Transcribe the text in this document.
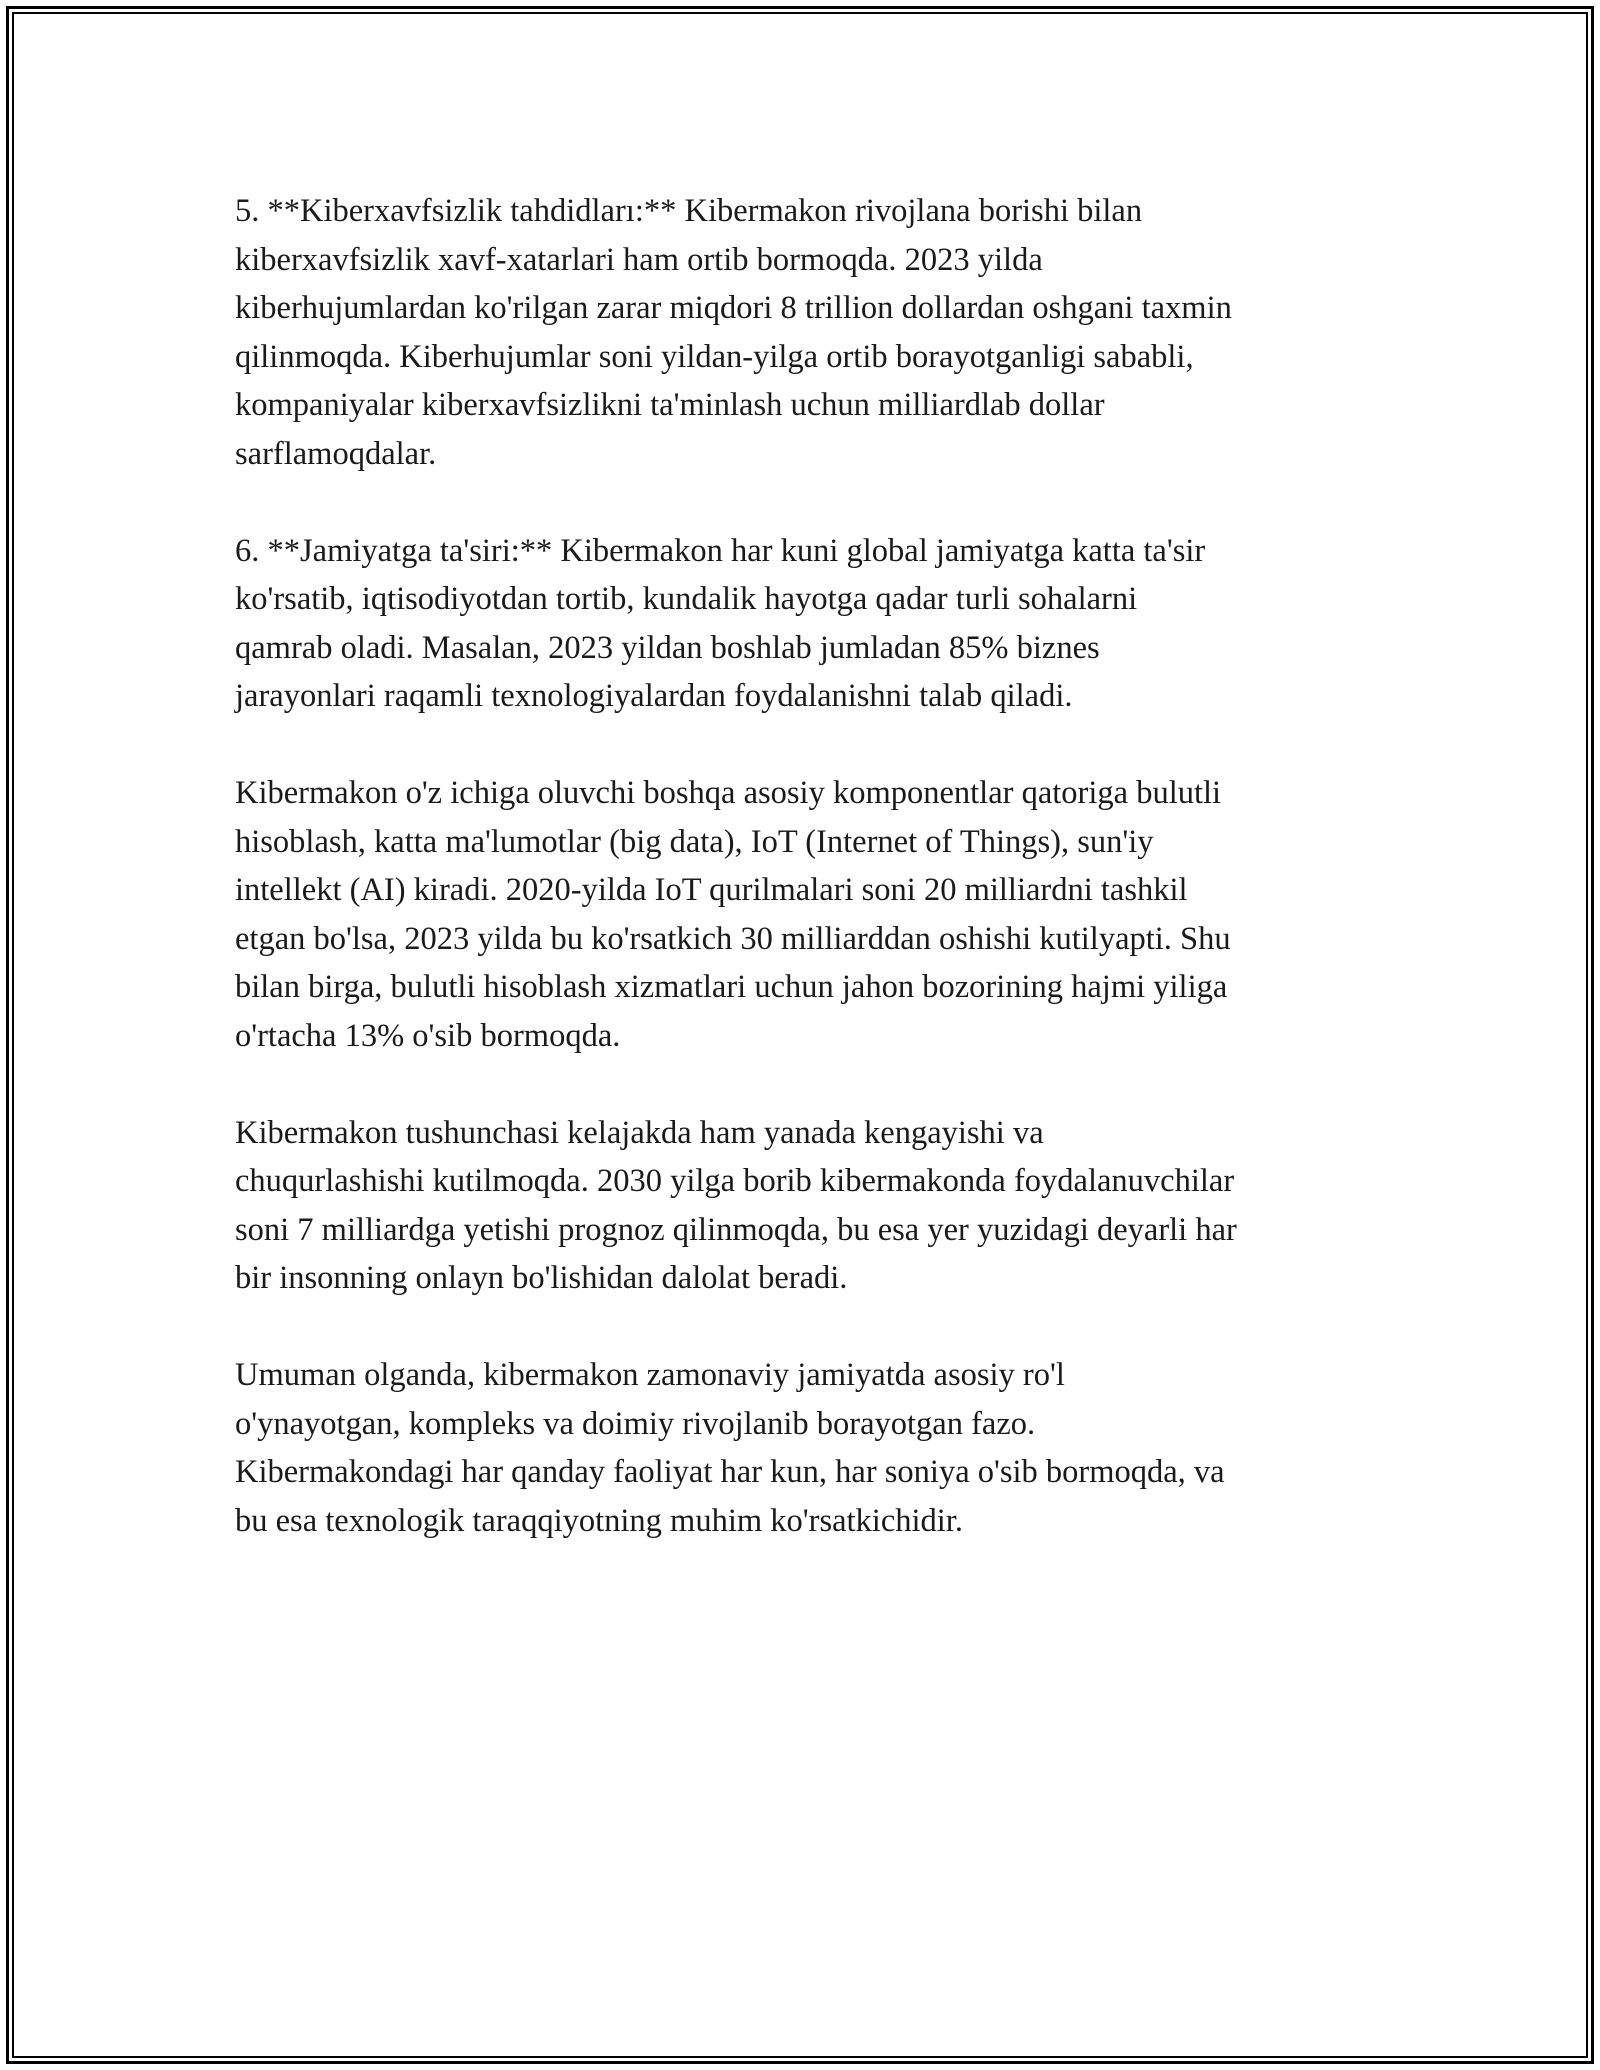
5. **Kiberxavfsizlik tahdidları:** Kibermakon rivojlana borishi bilan
kiberxavfsizlik xavf-xatarlari ham ortib bormoqda. 2023 yilda
kiberhujumlardan ko'rilgan zarar miqdori 8 trillion dollardan oshgani taxmin
qilinmoqda. Kiberhujumlar soni yildan-yilga ortib borayotganligi sababli,
kompaniyalar kiberxavfsizlikni ta'minlash uchun milliardlab dollar
sarflamoqdalar.

6. **Jamiyatga ta'siri:** Kibermakon har kuni global jamiyatga katta ta'sir
ko'rsatib, iqtisodiyotdan tortib, kundalik hayotga qadar turli sohalarni
qamrab oladi. Masalan, 2023 yildan boshlab jumladan 85% biznes
jarayonlari raqamli texnologiyalardan foydalanishni talab qiladi.

Kibermakon o'z ichiga oluvchi boshqa asosiy komponentlar qatoriga bulutli
hisoblash, katta ma'lumotlar (big data), IoT (Internet of Things), sun'iy
intellekt (AI) kiradi. 2020-yilda IoT qurilmalari soni 20 milliardni tashkil
etgan bo'lsa, 2023 yilda bu ko'rsatkich 30 milliarddan oshishi kutilyapti. Shu
bilan birga, bulutli hisoblash xizmatlari uchun jahon bozorining hajmi yiliga
o'rtacha 13% o'sib bormoqda.

Kibermakon tushunchasi kelajakda ham yanada kengayishi va
chuqurlashishi kutilmoqda. 2030 yilga borib kibermakonda foydalanuvchilar
soni 7 milliardga yetishi prognoz qilinmoqda, bu esa yer yuzidagi deyarli har
bir insonning onlayn bo'lishidan dalolat beradi.

Umuman olganda, kibermakon zamonaviy jamiyatda asosiy ro'l
o'ynayotgan, kompleks va doimiy rivojlanib borayotgan fazo.
Kibermakondagi har qanday faoliyat har kun, har soniya o'sib bormoqda, va
bu esa texnologik taraqqiyotning muhim ko'rsatkichidir.
